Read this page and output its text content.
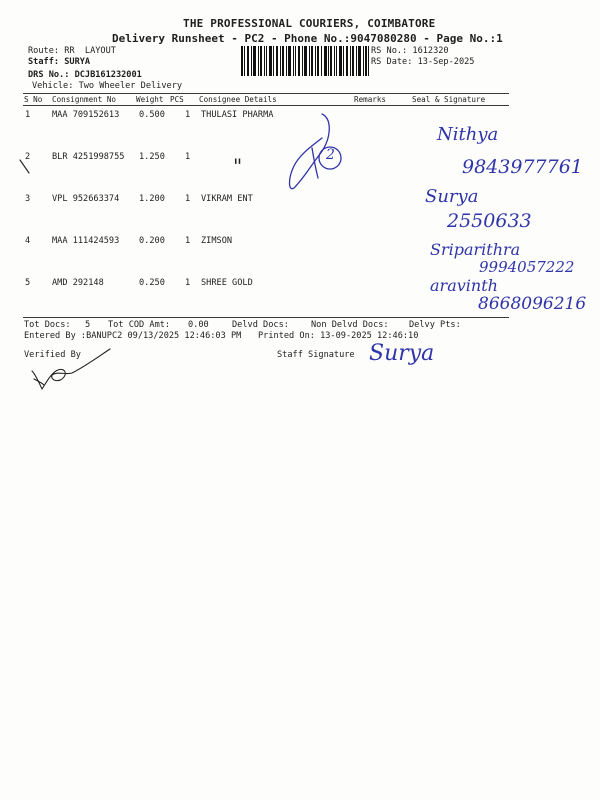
THE PROFESSIONAL COURIERS, COIMBATORE
Delivery Runsheet - PC2 - Phone No.:9047080280 - Page No.:1
Route: RR  LAYOUT
Staff: SURYA
DRS No.: DCJB161232001
Vehicle: Two Wheeler Delivery
RS No.: 1612320
RS Date: 13-Sep-2025
S No Consignment No	Weight PCS Consignee Details	Remarks	Seal & Signature
1	MAA 709152613 0.500 1 THULASI PHARMA
2	BLR 4251998755 1.250 1
3	VPL 952663374 1.200 1 VIKRAM ENT
4	MAA 111424593 0.200 1 ZIMSON
5	AMD 292148	0.250 1 SHREE GOLD
"	2
Nithya
9843977761
Surya
2550633
Sriparithra
9994057222
aravinth
8668096216
Tot Docs: 5 Tot COD Amt: 0.00	Delvd Docs:	Non Delvd Docs: Delvy Pts:
Entered By :BANUPC2 09/13/2025 12:46:03 PM Printed On: 13-09-2025 12:46:10
Verified By	Staff Signature Surya
